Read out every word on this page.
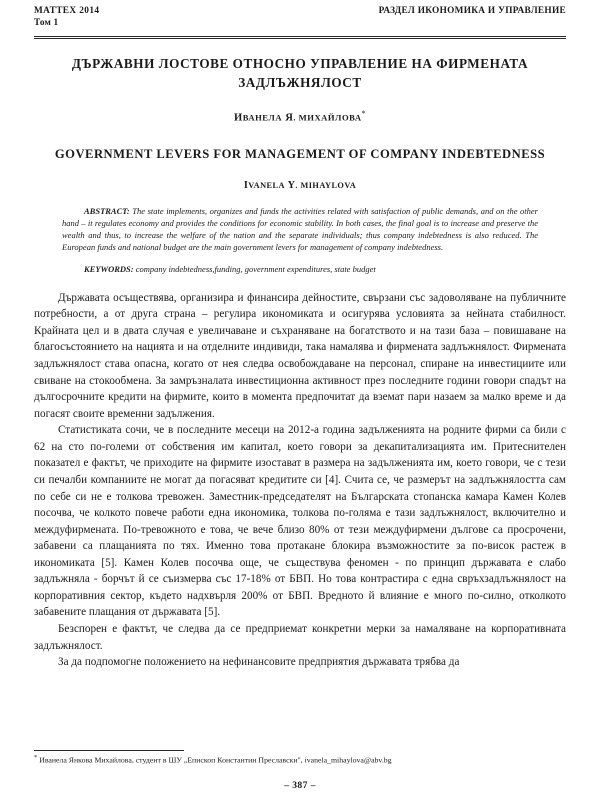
MATTEX 2014
Том 1
РАЗДЕЛ ИКОНОМИКА И УПРАВЛЕНИЕ
ДЪРЖАВНИ ЛОСТОВЕ ОТНОСНО УПРАВЛЕНИЕ НА ФИРМЕНАТА ЗАДЛЪЖНЯЛОСТ
ИВАНЕЛА Я. МИХАЙЛОВА*
GOVERNMENT LEVERS FOR MANAGEMENT OF COMPANY INDEBTEDNESS
IVANELA Y. MIHAYLOVA

ABSTRACT: The state implements, organizes and funds the activities related with satisfaction of public demands, and on the other hand – it regulates economy and provides the conditions for economic stability. In both cases, the final goal is to increase and preserve the wealth and thus, to increase the welfare of the nation and the separate individuals; thus company indebtedness is also reduced. The European funds and national budget are the main government levers for management of company indebtedness.

KEYWORDS: company indebtedness,funding, government expenditures, state budget

Държавата осъществява, организира и финансира дейностите, свързани със задоволяване на публичните потребности, а от друга страна – регулира икономиката и осигурява условията за нейната стабилност. Крайната цел и в двата случая е увеличаване и съхраняване на богатството и на тази база – повишаване на благосъстоянието на нацията и на отделните индивиди, така намалява и фирмената задлъжнялост. Фирмената задлъжнялост става опасна, когато от нея следва освобождаване на персонал, спиране на инвестициите или свиване на стокообмена. За замръзналата инвестиционна активност през последните години говори спадът на дългосрочните кредити на фирмите, които в момента предпочитат да вземат пари назаем за малко време и да погасят своите временни задължения.

Статистиката сочи, че в последните месеци на 2012-а година задълженията на родните фирми са били с 62 на сто по-големи от собствения им капитал, което говори за декапитализацията им. Притеснителен показател е фактът, че приходите на фирмите изостават в размера на задълженията им, което говори, че с тези си печалби компаниите не могат да погасяват кредитите си [4]. Счита се, че размерът на задлъжнялостта сам по себе си не е толкова тревожен. Заместник-председателят на Българската стопанска камара Камен Колев посочва, че колкото повече работи една икономика, толкова по-голяма е тази задлъжнялост, включително и междуфирмената. По-тревожното е това, че вече близо 80% от тези междуфирмени дългове са просрочени, забавени са плащанията по тях. Именно това протакане блокира възможностите за по-висок растеж в икономиката [5]. Камен Колев посочва още, че съществува феномен - по принцип държавата е слабо задлъжняла - борчът й се съизмерва със 17-18% от БВП. Но това контрастира с една свръхзадлъжнялост на корпоративния сектор, където надхвърля 200% от БВП. Вредното й влияние е много по-силно, отколкото забавените плащания от държавата [5].

Безспорен е фактът, че следва да се предприемат конкретни мерки за намаляване на корпоративната задлъжнялост.

За да подпомогне положението на нефинансовите предприятия държавата трябва да

* Иванела Янкова Михайлова, студент в ШУ „Епископ Константин Преславски", ivanela_mihaylova@abv.bg
– 387 –
